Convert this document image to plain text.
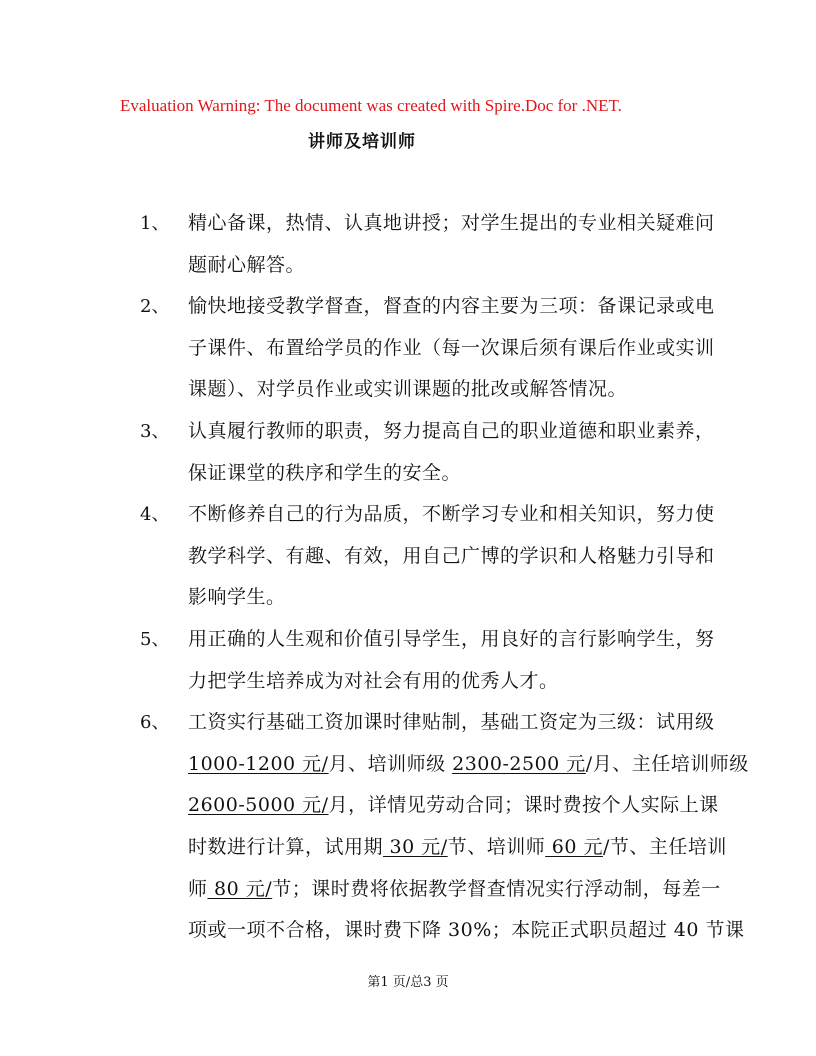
Evaluation Warning: The document was created with Spire.Doc for .NET.
讲师及培训师
1、 精心备课，热情、认真地讲授；对学生提出的专业相关疑难问
题耐心解答。
2、 愉快地接受教学督查，督查的内容主要为三项：备课记录或电
子课件、布置给学员的作业（每一次课后须有课后作业或实训
课题）、对学员作业或实训课题的批改或解答情况。
3、 认真履行教师的职责，努力提高自己的职业道德和职业素养，
保证课堂的秩序和学生的安全。
4、 不断修养自己的行为品质，不断学习专业和相关知识，努力使
教学科学、有趣、有效，用自己广博的学识和人格魅力引导和
影响学生。
5、 用正确的人生观和价值引导学生，用良好的言行影响学生，努
力把学生培养成为对社会有用的优秀人才。
6、 工资实行基础工资加课时律贴制，基础工资定为三级：试用级
1000-1200 元/月、培训师级 2300-2500 元/月、主任培训师级
2600-5000 元/月，详情见劳动合同；课时费按个人实际上课
时数进行计算，试用期 30 元/节、培训师 60 元/节、主任培训
师 80 元/节；课时费将依据教学督查情况实行浮动制，每差一
项或一项不合格，课时费下降 30%；本院正式职员超过 40 节课
第1 页/总3 页
